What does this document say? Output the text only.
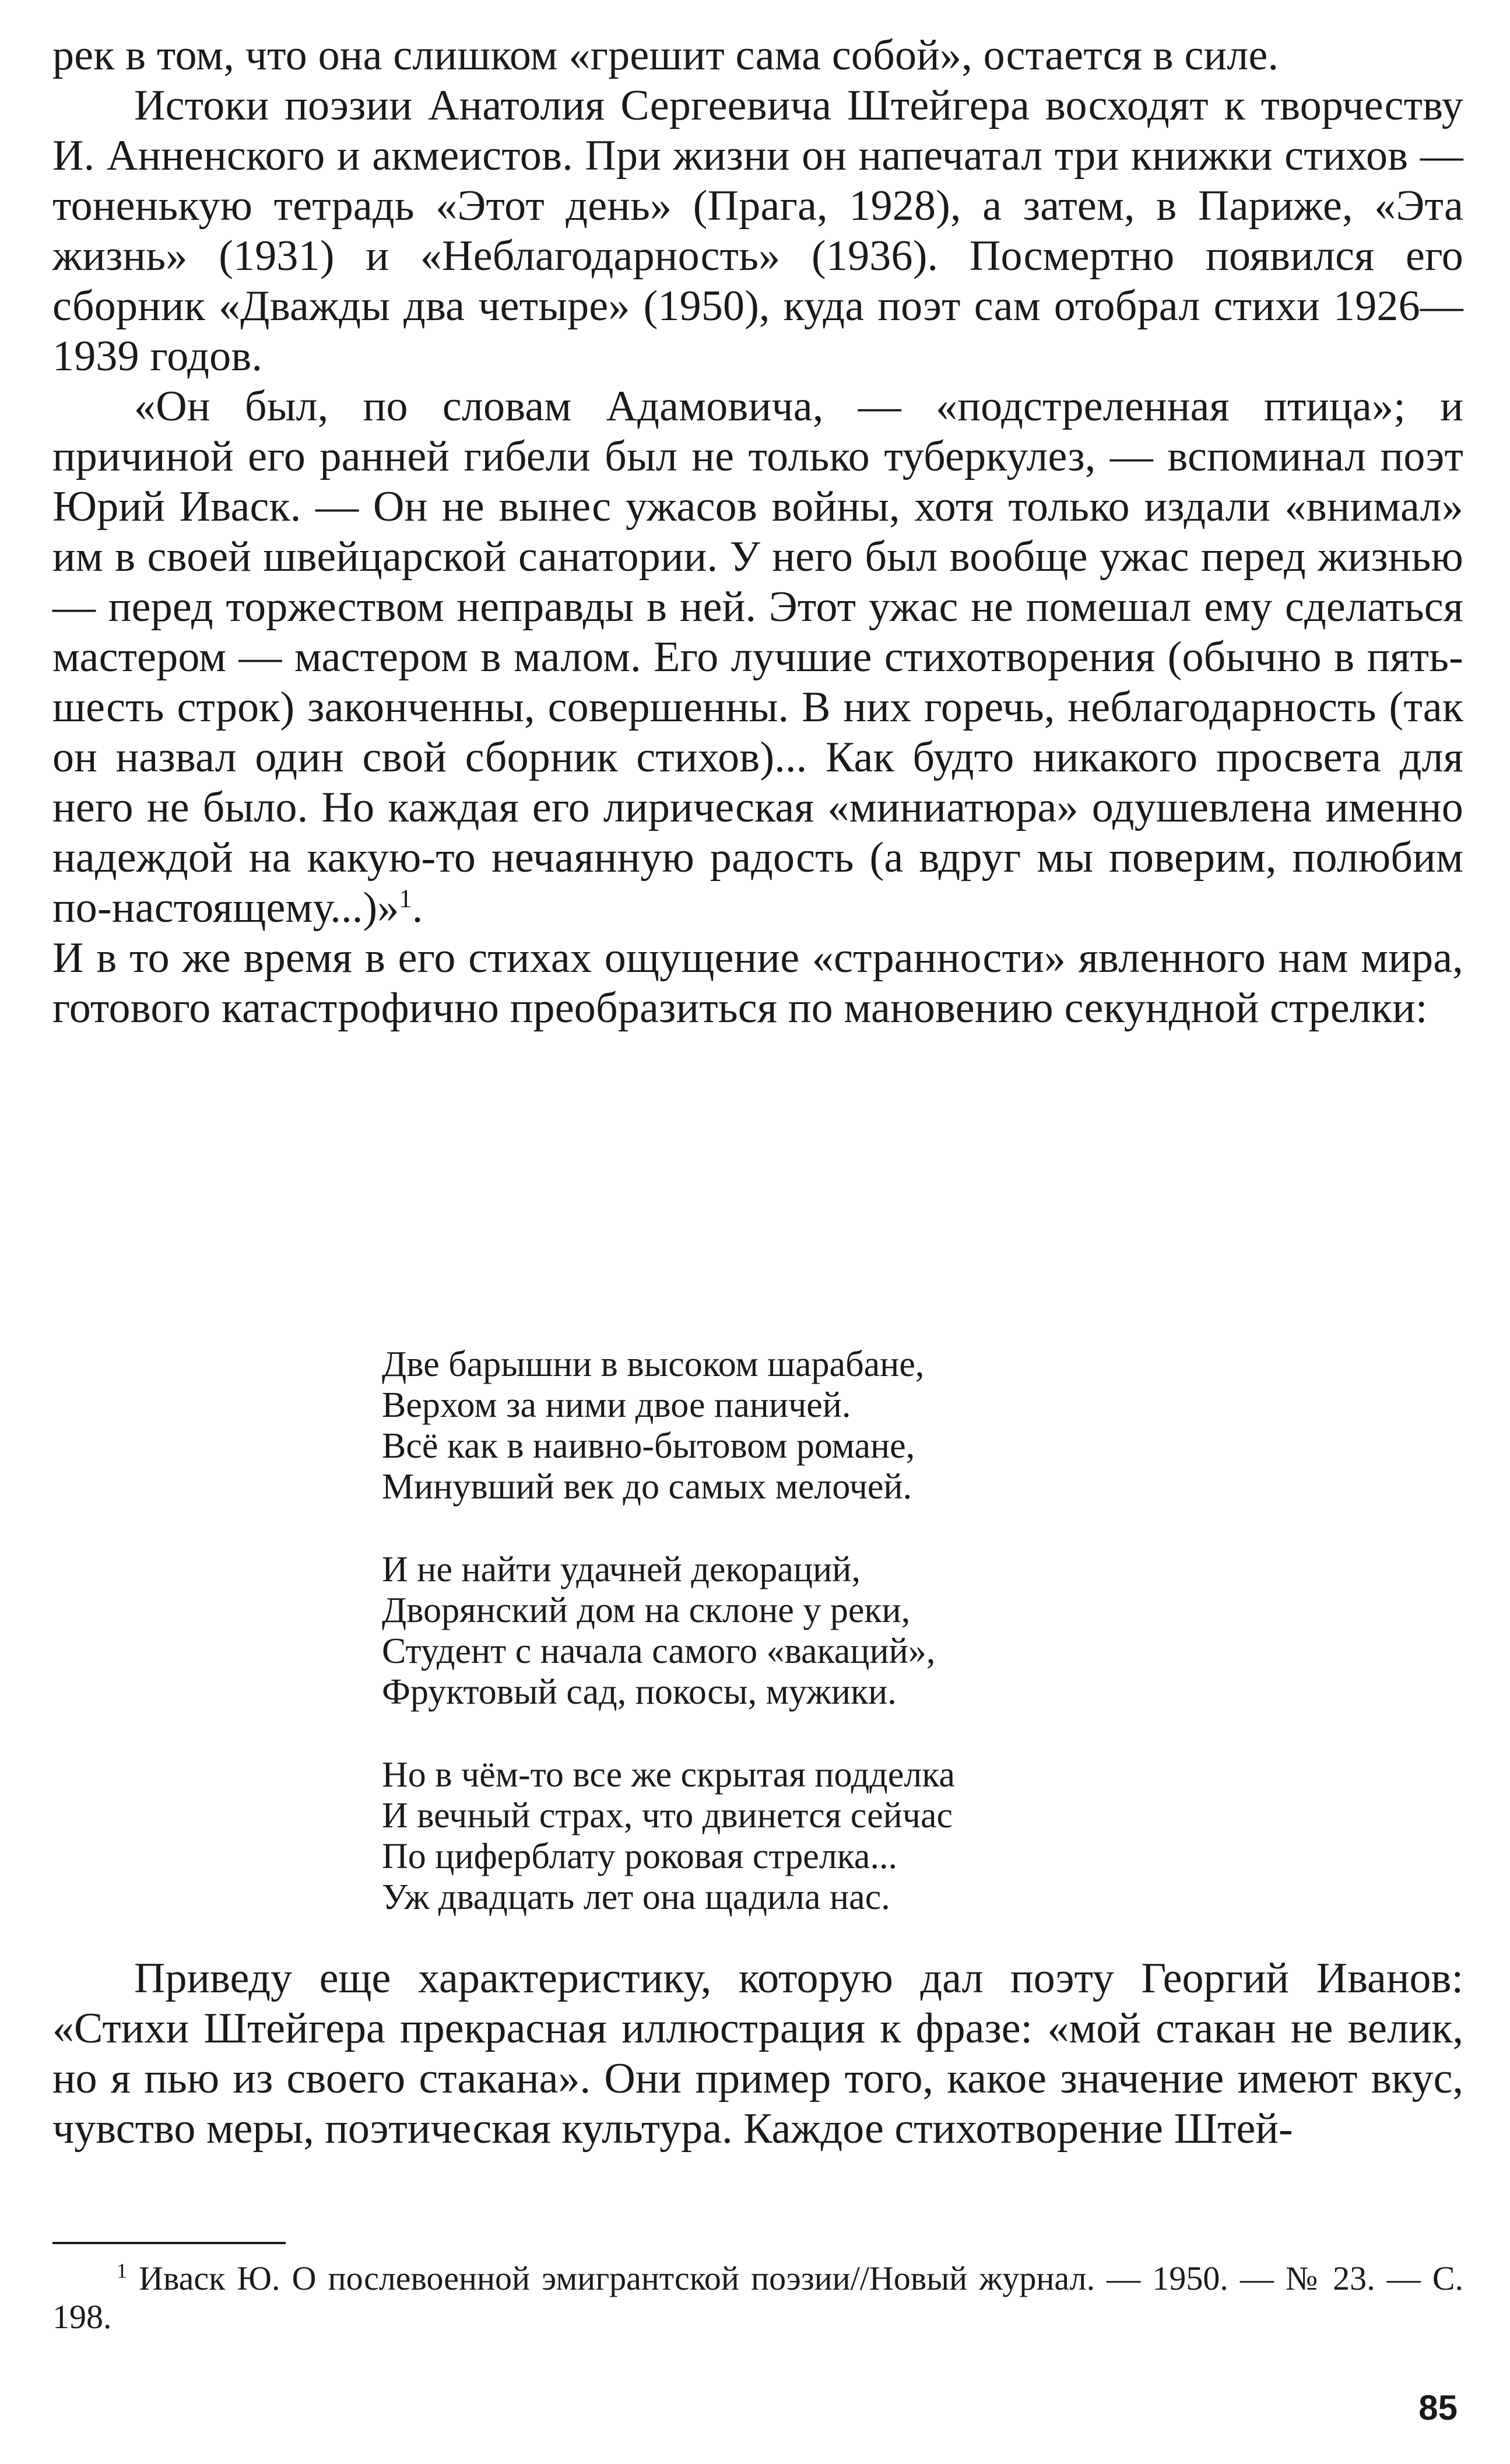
рек в том, что она слишком «грешит сама собой», остается в силе.

Истоки поэзии Анатолия Сергеевича Штейгера восходят к творчеству И. Анненского и акмеистов. При жизни он напечатал три книжки стихов — тоненькую тетрадь «Этот день» (Прага, 1928), а затем, в Париже, «Эта жизнь» (1931) и «Неблагодарность» (1936). Посмертно появился его сборник «Дважды два четыре» (1950), куда поэт сам отобрал стихи 1926—1939 годов.

«Он был, по словам Адамовича, — «подстреленная птица»; и причиной его ранней гибели был не только туберкулез, — вспоминал поэт Юрий Иваск. — Он не вынес ужасов войны, хотя только издали «внимал» им в своей швейцарской санатории. У него был вообще ужас перед жизнью — перед торжеством неправды в ней. Этот ужас не помешал ему сделаться мастером — мастером в малом. Его лучшие стихотворения (обычно в пять-шесть строк) законченны, совершенны. В них горечь, неблагодарность (так он назвал один свой сборник стихов)... Как будто никакого просвета для него не было. Но каждая его лирическая «миниатюра» одушевлена именно надеждой на какую-то нечаянную радость (а вдруг мы поверим, полюбим по-настоящему...)»$^1$.

И в то же время в его стихах ощущение «странности» явленного нам мира, готового катастрофично преобразиться по мановению секундной стрелки:

Две барышни в высоком шарабане,
Верхом за ними двое паничей.
Всё как в наивно-бытовом романе,
Минувший век до самых мелочей.
И не найти удачней декораций,
Дворянский дом на склоне у реки,
Студент с начала самого «вакаций»,
Фруктовый сад, покосы, мужики.
Но в чём-то все же скрытая подделка
И вечный страх, что двинется сейчас
По циферблату роковая стрелка...
Уж двадцать лет она щадила нас.

Приведу еще характеристику, которую дал поэту Георгий Иванов: «Стихи Штейгера прекрасная иллюстрация к фразе: «мой стакан не велик, но я пью из своего стакана». Они пример того, какое значение имеют вкус, чувство меры, поэтическая культура. Каждое стихотворение Штей-

$^1$ Иваск Ю. О послевоенной эмигрантской поэзии//Новый журнал. — 1950. — № 23. — С. 198.
85
